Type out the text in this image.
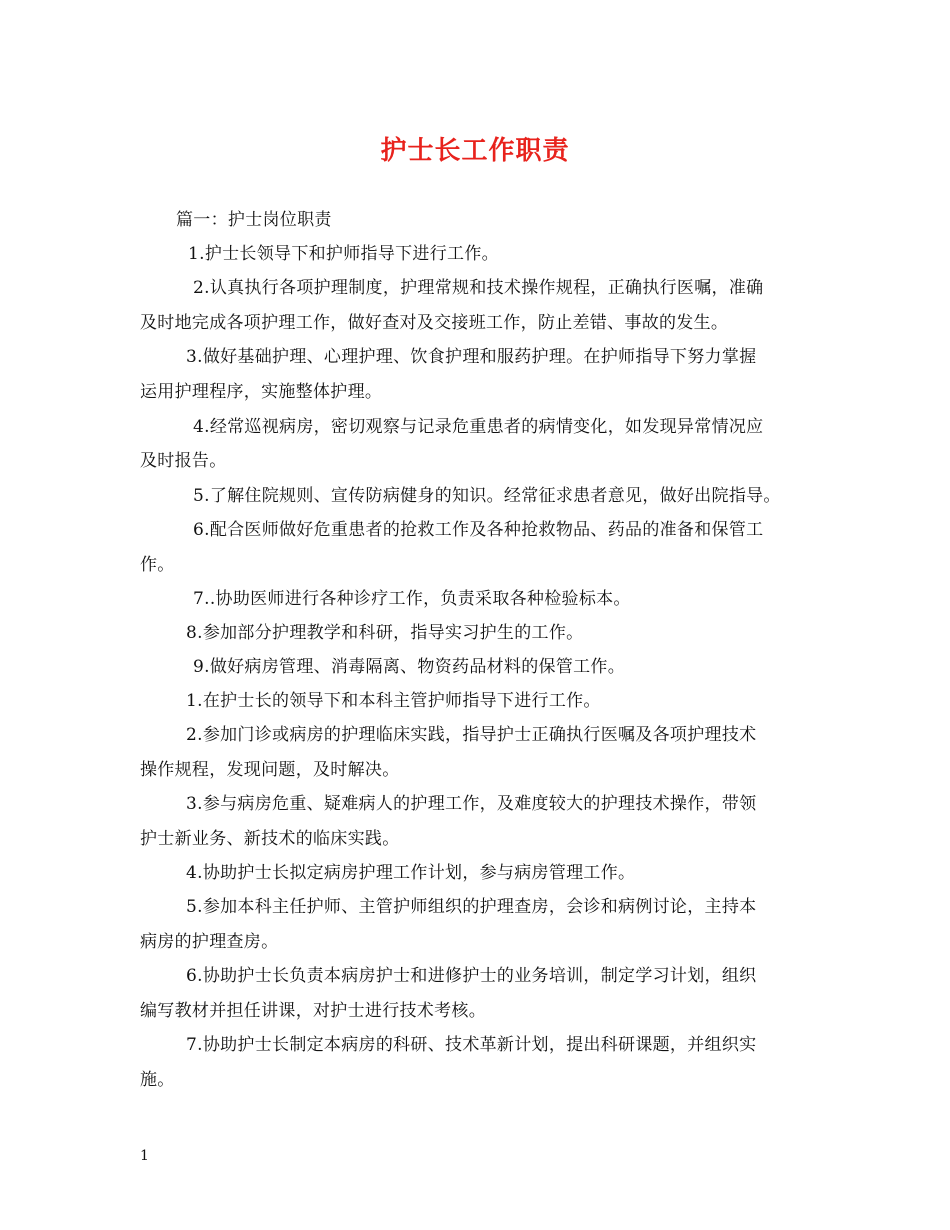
护士长工作职责
篇一：护士岗位职责
1.护士长领导下和护师指导下进行工作。
2.认真执行各项护理制度，护理常规和技术操作规程，正确执行医嘱，准确
及时地完成各项护理工作，做好查对及交接班工作，防止差错、事故的发生。
3.做好基础护理、心理护理、饮食护理和服药护理。在护师指导下努力掌握
运用护理程序，实施整体护理。
4.经常巡视病房，密切观察与记录危重患者的病情变化，如发现异常情况应
及时报告。
5.了解住院规则、宣传防病健身的知识。经常征求患者意见，做好出院指导。
6.配合医师做好危重患者的抢救工作及各种抢救物品、药品的准备和保管工
作。
7..协助医师进行各种诊疗工作，负责采取各种检验标本。
8.参加部分护理教学和科研，指导实习护生的工作。
9.做好病房管理、消毒隔离、物资药品材料的保管工作。
1.在护士长的领导下和本科主管护师指导下进行工作。
2.参加门诊或病房的护理临床实践，指导护士正确执行医嘱及各项护理技术
操作规程，发现问题，及时解决。
3.参与病房危重、疑难病人的护理工作，及难度较大的护理技术操作，带领
护士新业务、新技术的临床实践。
4.协助护士长拟定病房护理工作计划，参与病房管理工作。
5.参加本科主任护师、主管护师组织的护理查房，会诊和病例讨论，主持本
病房的护理查房。
6.协助护士长负责本病房护士和进修护士的业务培训，制定学习计划，组织
编写教材并担任讲课，对护士进行技术考核。
7.协助护士长制定本病房的科研、技术革新计划，提出科研课题，并组织实
施。
1
